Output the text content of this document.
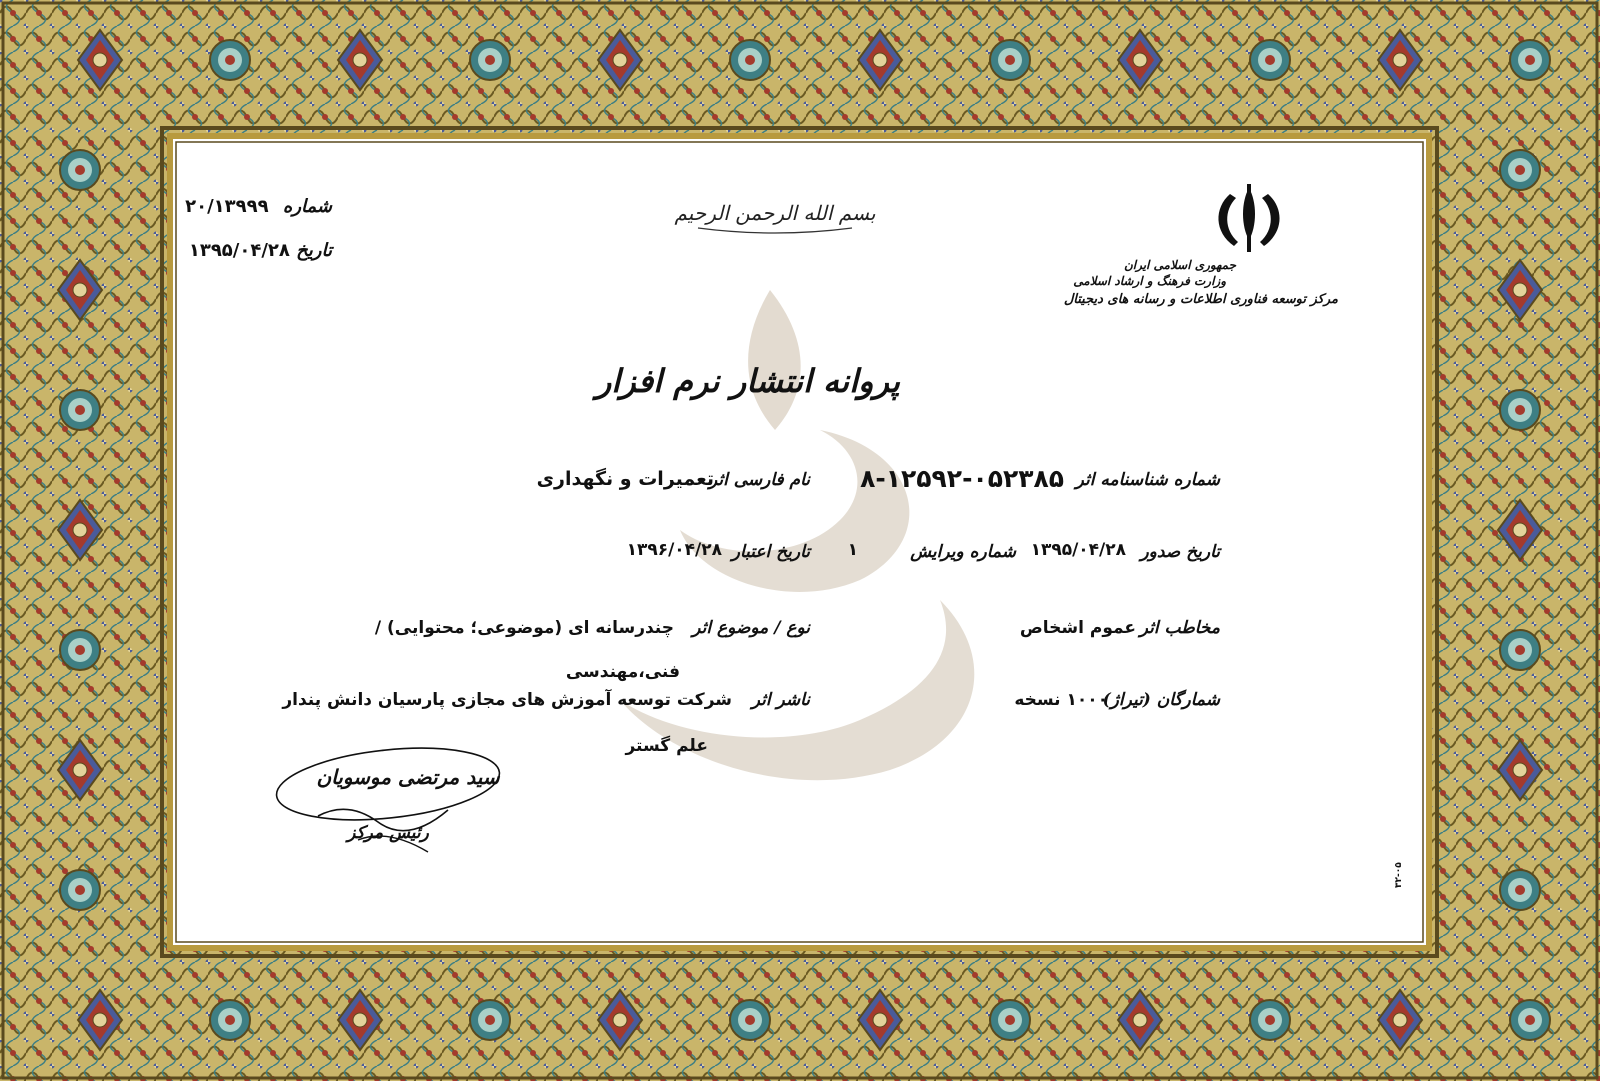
بسم الله الرحمن الرحیم
جمهوری اسلامی ایران
وزارت فرهنگ و ارشاد اسلامی
مرکز توسعه فناوری اطلاعات و رسانه های دیجیتال
شماره ۲۰/۱۳۹۹۹
تاریخ ۱۳۹۵/۰۴/۲۸
پروانه انتشار نرم افزار
شماره شناسنامه اثر
۸-۱۲۵۹۲-۰۵۲۳۸۵
نام فارسی اثر
تعمیرات و نگهداری
تاریخ صدور
۱۳۹۵/۰۴/۲۸
شماره ویرایش
۱
تاریخ اعتبار
۱۳۹۶/۰۴/۲۸
مخاطب اثر
عموم اشخاص
نوع / موضوع اثر
چندرسانه ای (موضوعی؛ محتوایی) /
فنی،مهندسی
شمارگان (تیراژ)
۱۰۰۰ نسخه
ناشر اثر
شرکت توسعه آموزش های مجازی پارسیان دانش پندار
علم گستر
سید مرتضی موسویان
رئیس مرکز
۳۲-۰۵
